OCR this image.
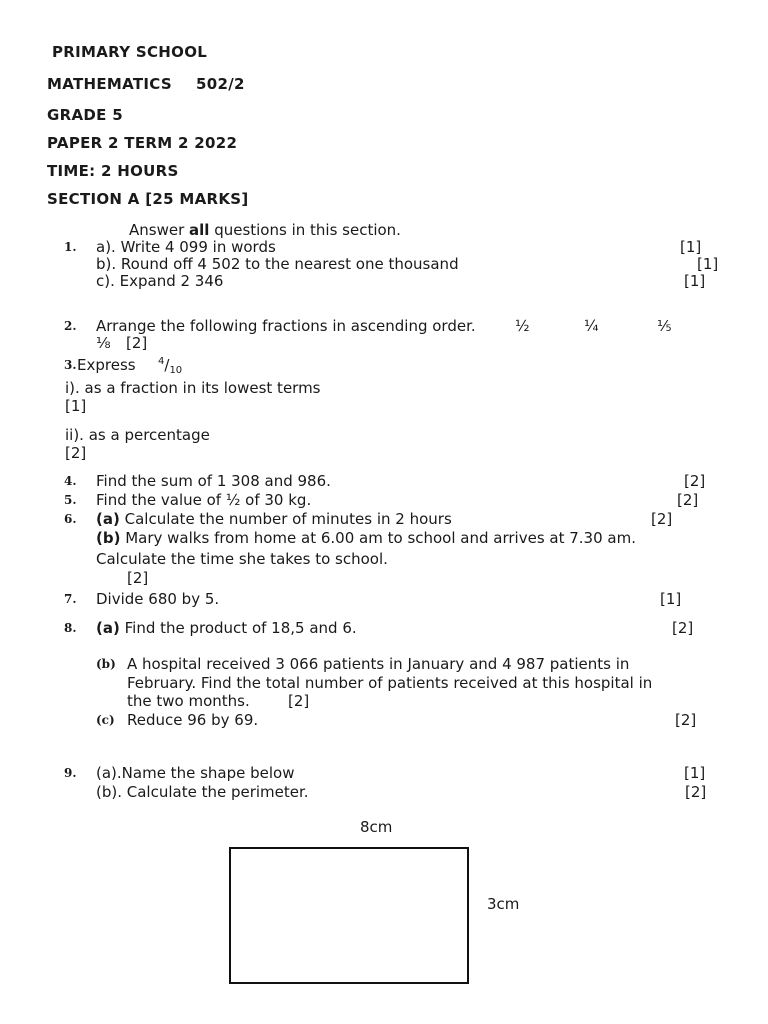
PRIMARY SCHOOL
MATHEMATICS 502/2
GRADE 5
PAPER 2 TERM 2 2022
TIME: 2 HOURS
SECTION A [25 MARKS]
Answer all questions in this section.
1. a). Write 4 099 in words	[1]
b). Round off 4 502 to the nearest one thousand	[1]
c). Expand 2 346	[1]
2. Arrange the following fractions in ascending order.	½	¼	⅕
⅛ [2]
3. Express $^4/_{10}$
i). as a fraction in its lowest terms
[1]
ii). as a percentage
[2]
4. Find the sum of 1 308 and 986.	[2]
5. Find the value of ½ of 30 kg.	[2]
6. (a) Calculate the number of minutes in 2 hours	[2]
(b) Mary walks from home at 6.00 am to school and arrives at 7.30 am.
Calculate the time she takes to school.
[2]
7. Divide 680 by 5.	[1]
8. (a) Find the product of 18,5 and 6.	[2]
(b) A hospital received 3 066 patients in January and 4 987 patients in
February. Find the total number of patients received at this hospital in
the two months.	[2]
(c) Reduce 96 by 69.	[2]
9. (a).Name the shape below	[1]
(b). Calculate the perimeter.	[2]
8cm
3cm
